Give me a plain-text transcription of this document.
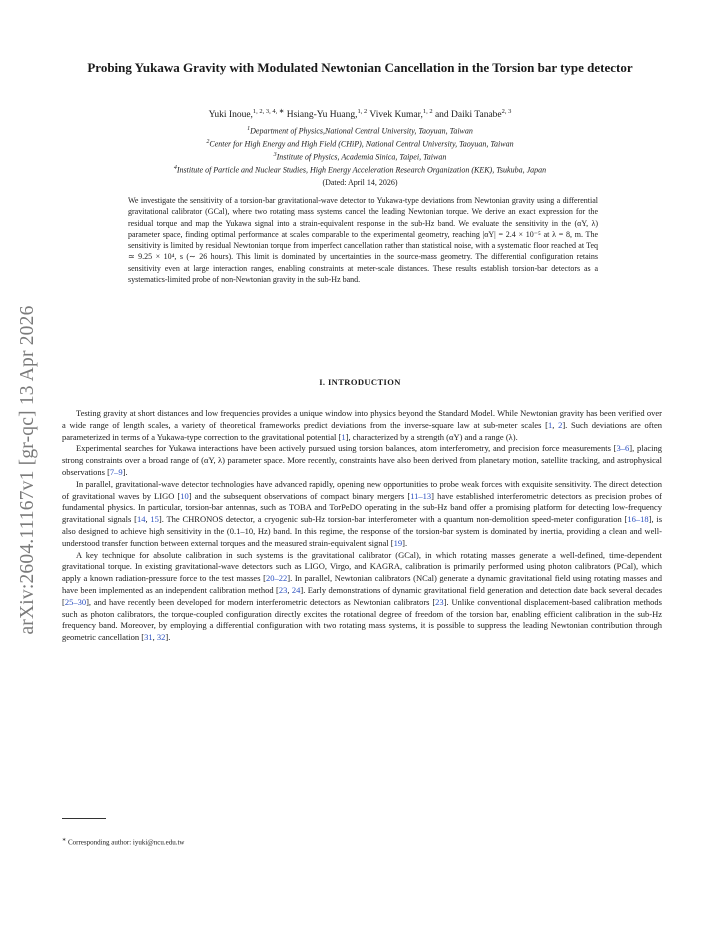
arXiv:2604.11167v1 [gr-qc] 13 Apr 2026
Probing Yukawa Gravity with Modulated Newtonian Cancellation in the Torsion bar type detector
Yuki Inoue,$^{1, 2, 3, 4, ∗}$ Hsiang-Yu Huang,$^{1, 2}$ Vivek Kumar,$^{1, 2}$ and Daiki Tanabe$^{2, 3}$
$^1$Department of Physics,National Central University, Taoyuan, Taiwan
$^2$Center for High Energy and High Field (CHiP), National Central University, Taoyuan, Taiwan
$^3$Institute of Physics, Academia Sinica, Taipei, Taiwan
$^4$Institute of Particle and Nuclear Studies, High Energy Acceleration Research Organization (KEK), Tsukuba, Japan
(Dated: April 14, 2026)
We investigate the sensitivity of a torsion-bar gravitational-wave detector to Yukawa-type deviations from Newtonian gravity using a differential gravitational calibrator (GCal), where two rotating mass systems cancel the leading Newtonian torque. We derive an exact expression for the residual torque and map the Yukawa signal into a strain-equivalent response in the sub-Hz band. We evaluate the sensitivity in the (αY, λ) parameter space, finding optimal performance at scales comparable to the experimental geometry, reaching |αY| = 2.4 × 10⁻⁵ at λ = 8, m. The sensitivity is limited by residual Newtonian torque from imperfect cancellation rather than statistical noise, with a systematic floor reached at Teq ≃ 9.25 × 10⁴, s (∼ 26 hours). This limit is dominated by uncertainties in the source-mass geometry. The differential configuration retains sensitivity even at large interaction ranges, enabling constraints at meter-scale distances. These results establish torsion-bar detectors as a systematics-limited probe of non-Newtonian gravity in the sub-Hz band.
I. INTRODUCTION

Testing gravity at short distances and low frequencies provides a unique window into physics beyond the Standard Model. While Newtonian gravity has been verified over a wide range of length scales, a variety of theoretical frameworks predict deviations from the inverse-square law at sub-meter scales [1, 2]. Such deviations are often parameterized in terms of a Yukawa-type correction to the gravitational potential [1], characterized by a strength (αY) and a range (λ).

Experimental searches for Yukawa interactions have been actively pursued using torsion balances, atom interferometry, and precision force measurements [3–6], placing strong constraints over a broad range of (αY, λ) parameter space. More recently, constraints have also been derived from planetary motion, satellite tracking, and astrophysical observations [7–9].

In parallel, gravitational-wave detector technologies have advanced rapidly, opening new opportunities to probe weak forces with exquisite sensitivity. The direct detection of gravitational waves by LIGO [10] and the subsequent observations of compact binary mergers [11–13] have established interferometric detectors as precision probes of fundamental physics. In particular, torsion-bar antennas, such as TOBA and TorPeDO operating in the sub-Hz band offer a promising platform for detecting low-frequency gravitational signals [14, 15]. The CHRONOS detector, a cryogenic sub-Hz torsion-bar interferometer with a quantum non-demolition speed-meter configuration [16–18], is also designed to achieve high sensitivity in the (0.1–10, Hz) band. In this regime, the response of the torsion-bar system is dominated by inertia, providing a clean and well-understood transfer function between external torques and the measured strain-equivalent signal [19].

A key technique for absolute calibration in such systems is the gravitational calibrator (GCal), in which rotating masses generate a well-defined, time-dependent gravitational torque. In existing gravitational-wave detectors such as LIGO, Virgo, and KAGRA, calibration is primarily performed using photon calibrators (PCal), which apply a known radiation-pressure force to the test masses [20–22]. In parallel, Newtonian calibrators (NCal) generate a dynamic gravitational field using rotating masses and have been implemented as an independent calibration method [23, 24]. Early demonstrations of dynamic gravitational field generation and detection date back several decades [25–30], and have recently been developed for modern interferometric detectors as Newtonian calibrators [23]. Unlike conventional displacement-based calibration methods such as photon calibrators, the torque-coupled configuration directly excites the rotational degree of freedom of the torsion bar, enabling efficient calibration in the sub-Hz frequency band. Moreover, by employing a differential configuration with two rotating mass systems, it is possible to suppress the leading Newtonian contribution through geometric cancellation [31, 32].

∗ Corresponding author: iyuki@ncu.edu.tw
